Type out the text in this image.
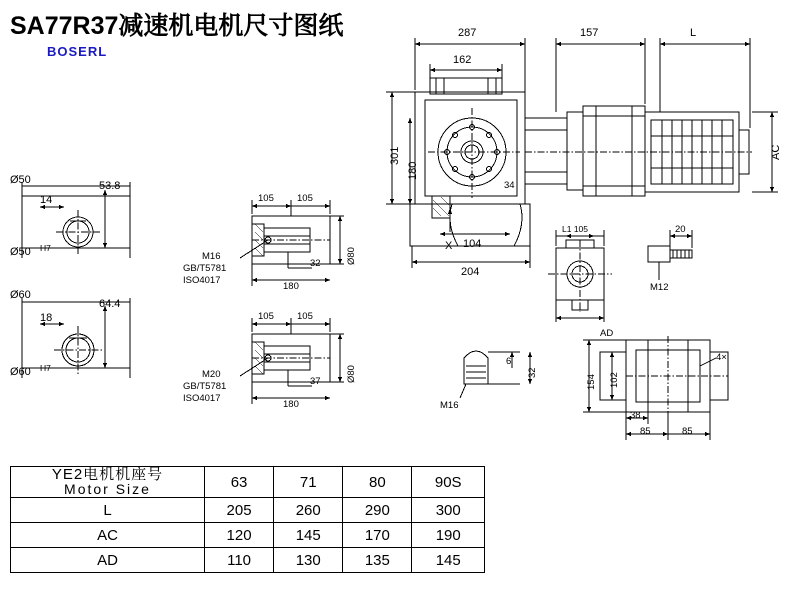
SA77R37减速机电机尺寸图纸
BOSERL
287
162
157	L
301
180
34
104
204
X
AC
L1 105
AD
20
M12
154 102
4×
38
85	85
6
32
M16
Ø50
Ø50 H7
14
53.8
Ø60
Ø60 H7
18
64.4
105 105
32
180
Ø80
M16
GB/T5781
ISO4017
105 105
37
180
Ø80
M20
GB/T5781
ISO4017
YE2电机机座号
Motor Size	63	71	80	90S
L	205	260	290	300
AC	120	145	170	190
AD	110	130	135	145
